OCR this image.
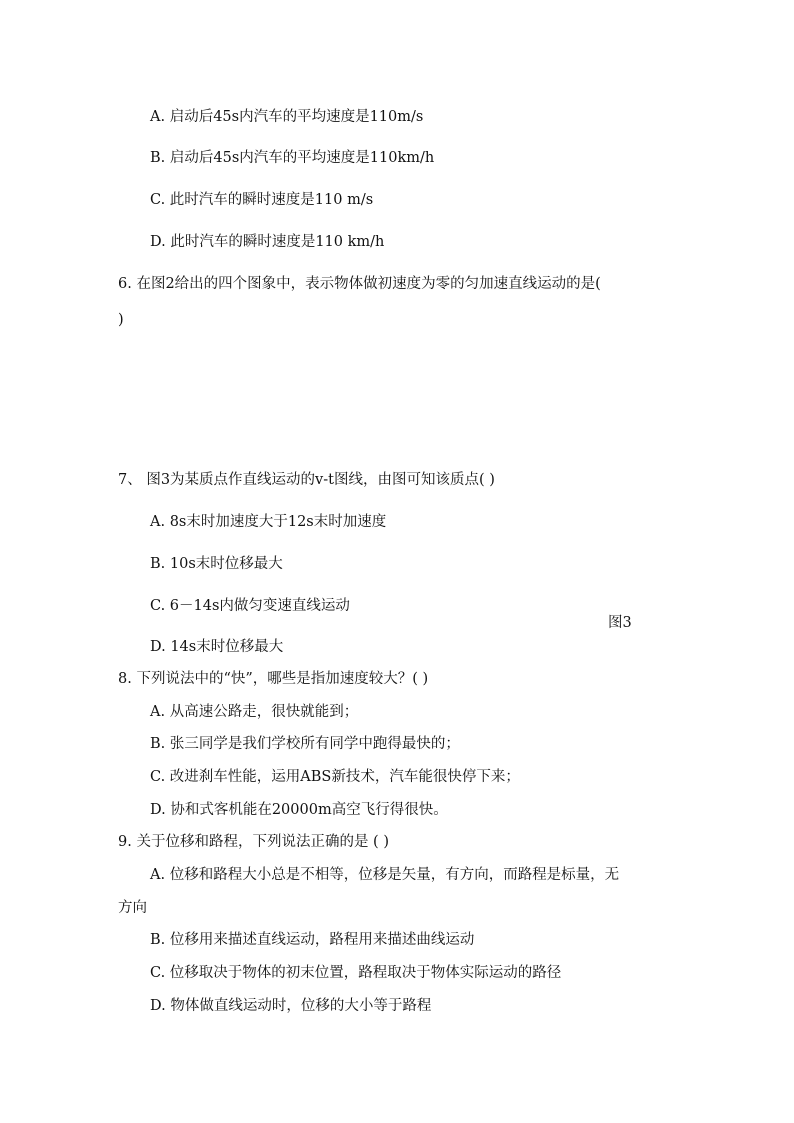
A. 启动后45s内汽车的平均速度是110m/s
B. 启动后45s内汽车的平均速度是110km/h
C. 此时汽车的瞬时速度是110 m/s
D. 此时汽车的瞬时速度是110 km/h
6. 在图2给出的四个图象中，表示物体做初速度为零的匀加速直线运动的是(
)
7、 图3为某质点作直线运动的v-t图线，由图可知该质点( )
A. 8s末时加速度大于12s末时加速度
B. 10s末时位移最大
C. 6－14s内做匀变速直线运动
图3
D. 14s末时位移最大
8. 下列说法中的“快”，哪些是指加速度较大？( )
A. 从高速公路走，很快就能到；
B. 张三同学是我们学校所有同学中跑得最快的；
C. 改进刹车性能，运用ABS新技术，汽车能很快停下来；
D. 协和式客机能在20000m高空飞行得很快。
9. 关于位移和路程，下列说法正确的是 ( )
A. 位移和路程大小总是不相等，位移是矢量，有方向，而路程是标量，无
方向
B. 位移用来描述直线运动，路程用来描述曲线运动
C. 位移取决于物体的初末位置，路程取决于物体实际运动的路径
D. 物体做直线运动时，位移的大小等于路程
